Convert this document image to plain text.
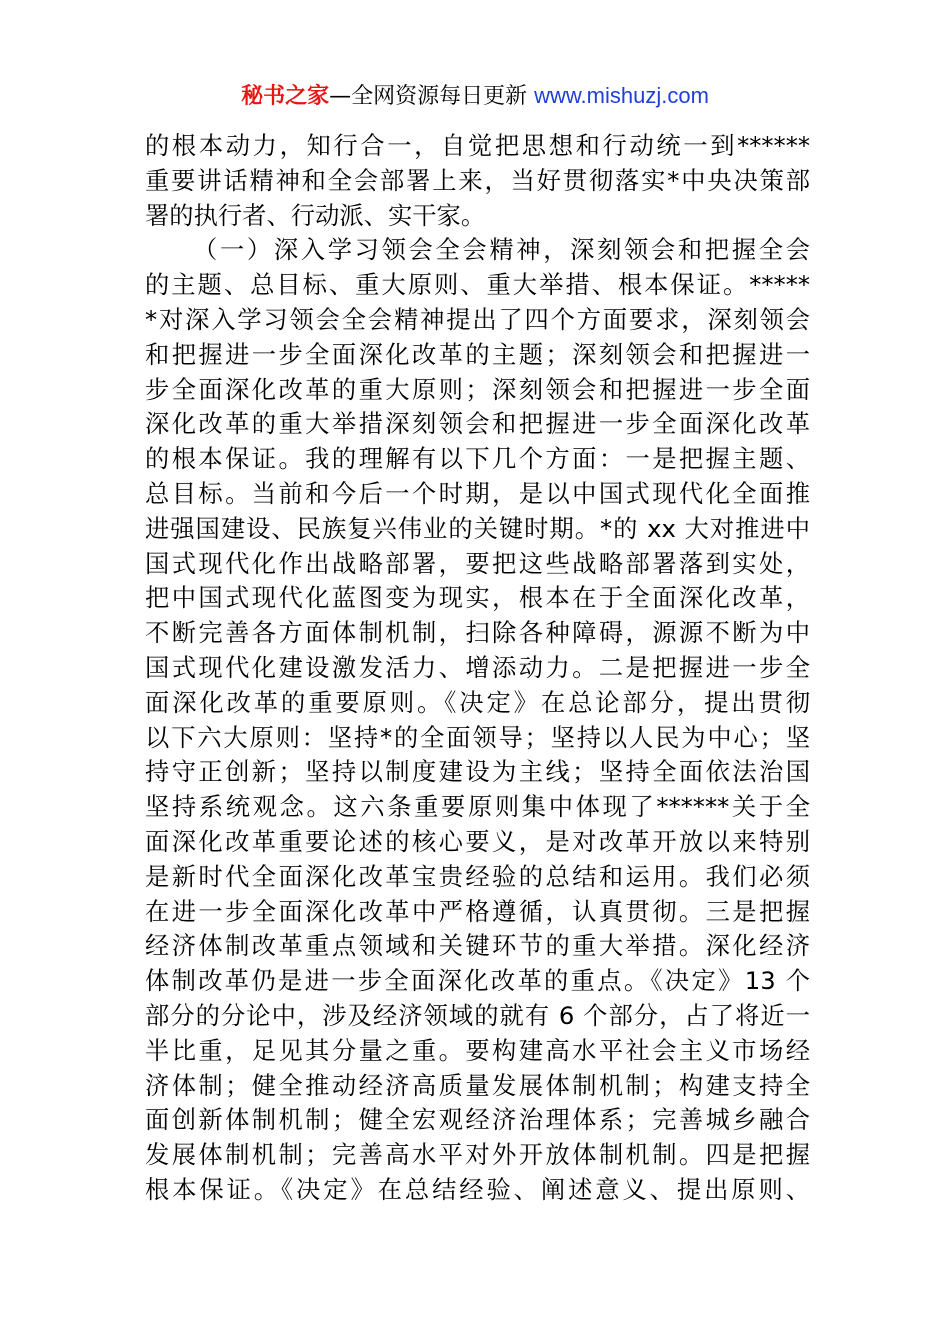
秘书之家—全网资源每日更新 www.mishuzj.com
的根本动力，知行合一，自觉把思想和行动统一到******
重要讲话精神和全会部署上来，当好贯彻落实*中央决策部
署的执行者、行动派、实干家。
（一）深入学习领会全会精神，深刻领会和把握全会
的主题、总目标、重大原则、重大举措、根本保证。*****
*对深入学习领会全会精神提出了四个方面要求，深刻领会
和把握进一步全面深化改革的主题；深刻领会和把握进一
步全面深化改革的重大原则；深刻领会和把握进一步全面
深化改革的重大举措深刻领会和把握进一步全面深化改革
的根本保证。我的理解有以下几个方面：一是把握主题、
总目标。当前和今后一个时期，是以中国式现代化全面推
进强国建设、民族复兴伟业的关键时期。*的 xx 大对推进中
国式现代化作出战略部署，要把这些战略部署落到实处，
把中国式现代化蓝图变为现实，根本在于全面深化改革，
不断完善各方面体制机制，扫除各种障碍，源源不断为中
国式现代化建设激发活力、增添动力。二是把握进一步全
面深化改革的重要原则。《决定》在总论部分，提出贯彻
以下六大原则：坚持*的全面领导；坚持以人民为中心；坚
持守正创新；坚持以制度建设为主线；坚持全面依法治国
坚持系统观念。这六条重要原则集中体现了******关于全
面深化改革重要论述的核心要义，是对改革开放以来特别
是新时代全面深化改革宝贵经验的总结和运用。我们必须
在进一步全面深化改革中严格遵循，认真贯彻。三是把握
经济体制改革重点领域和关键环节的重大举措。深化经济
体制改革仍是进一步全面深化改革的重点。《决定》13 个
部分的分论中，涉及经济领域的就有 6 个部分，占了将近一
半比重，足见其分量之重。要构建高水平社会主义市场经
济体制；健全推动经济高质量发展体制机制；构建支持全
面创新体制机制；健全宏观经济治理体系；完善城乡融合
发展体制机制；完善高水平对外开放体制机制。四是把握
根本保证。《决定》在总结经验、阐述意义、提出原则、
